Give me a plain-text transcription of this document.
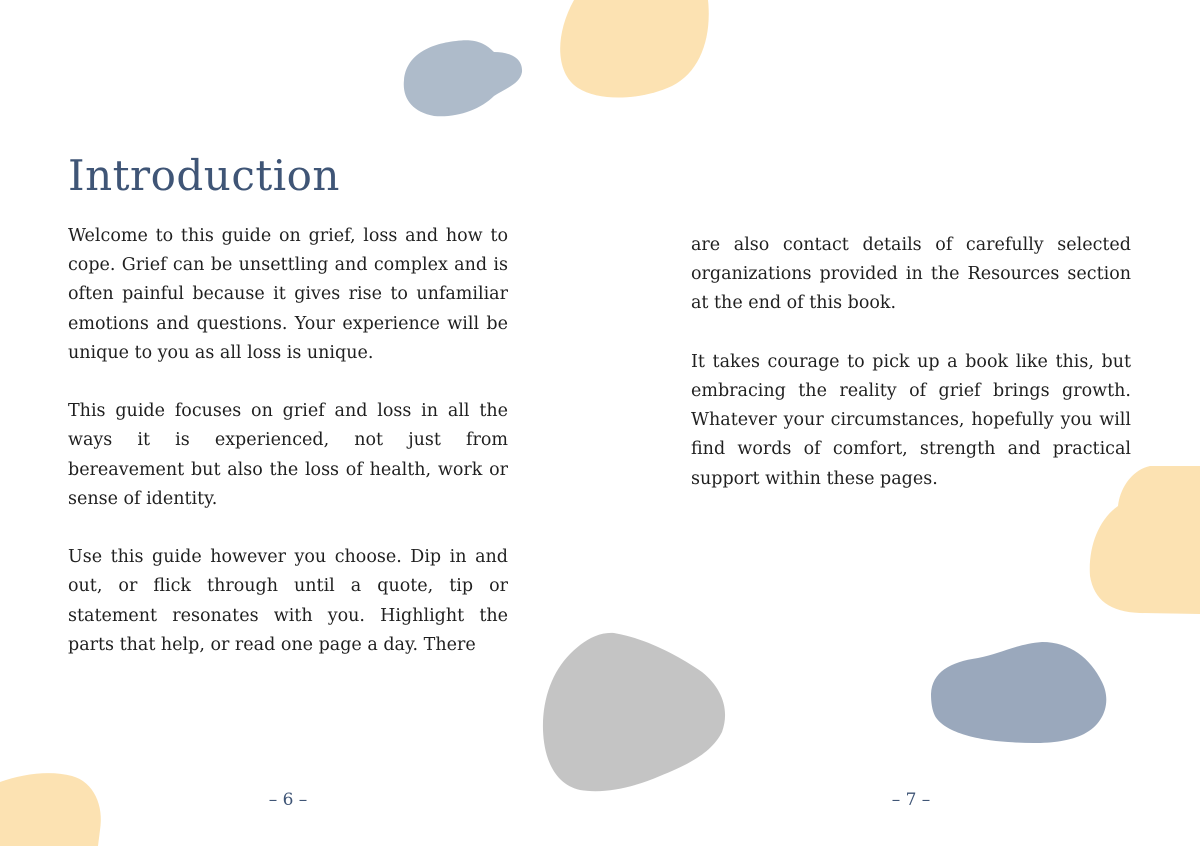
Introduction

Welcome to this guide on grief, loss and how to cope. Grief can be unsettling and complex and is often painful because it gives rise to unfamiliar emotions and questions. Your experience will be unique to you as all loss is unique.

This guide focuses on grief and loss in all the ways it is experienced, not just from bereavement but also the loss of health, work or sense of identity.

Use this guide however you choose. Dip in and out, or flick through until a quote, tip or statement resonates with you. Highlight the parts that help, or read one page a day. There

are also contact details of carefully selected organizations provided in the Resources section at the end of this book.

It takes courage to pick up a book like this, but embracing the reality of grief brings growth. Whatever your circumstances, hopefully you will find words of comfort, strength and practical support within these pages.

– 6 –	– 7 –
